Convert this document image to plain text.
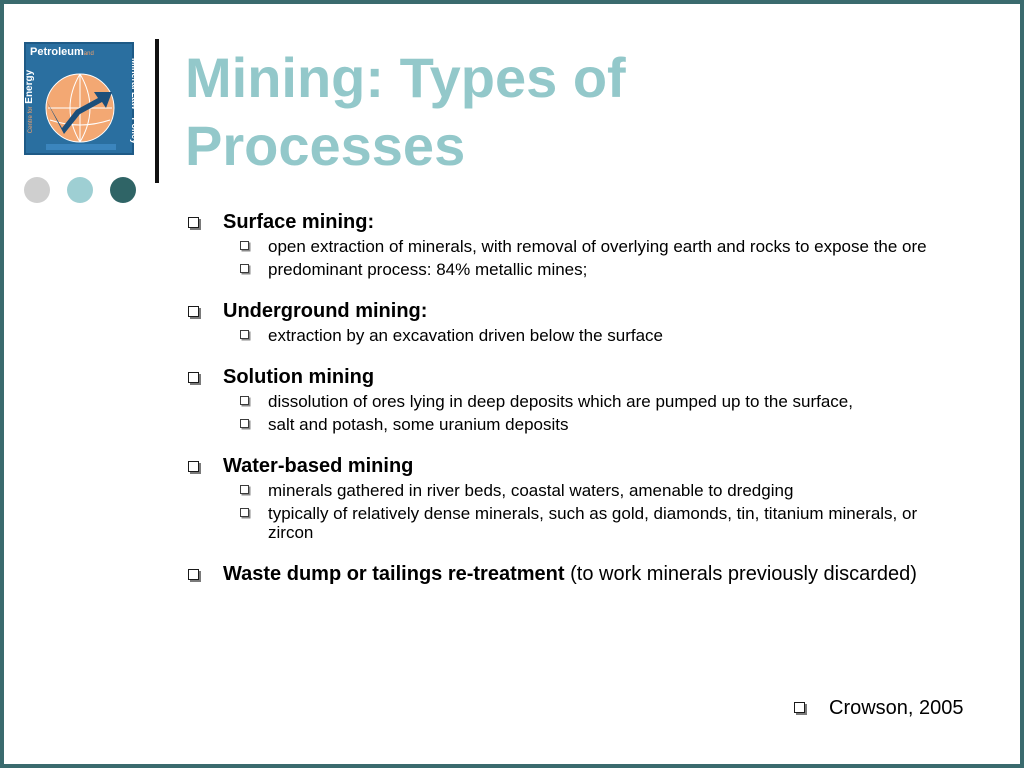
Petroleumand
Centre for Energy	Mineral Law · Policy Mining: Types of Processes
Surface mining:
open extraction of minerals, with removal of overlying earth and rocks to expose the ore
predominant process: 84% metallic mines;
Underground mining:
extraction by an excavation driven below the surface
Solution mining
dissolution of ores lying in deep deposits which are pumped up to the surface,
salt and potash, some uranium deposits
Water-based mining
minerals gathered in river beds, coastal waters, amenable to dredging
typically of relatively dense minerals, such as gold, diamonds, tin, titanium minerals, or zircon
Waste dump or tailings re-treatment (to work minerals previously discarded)
Crowson, 2005
